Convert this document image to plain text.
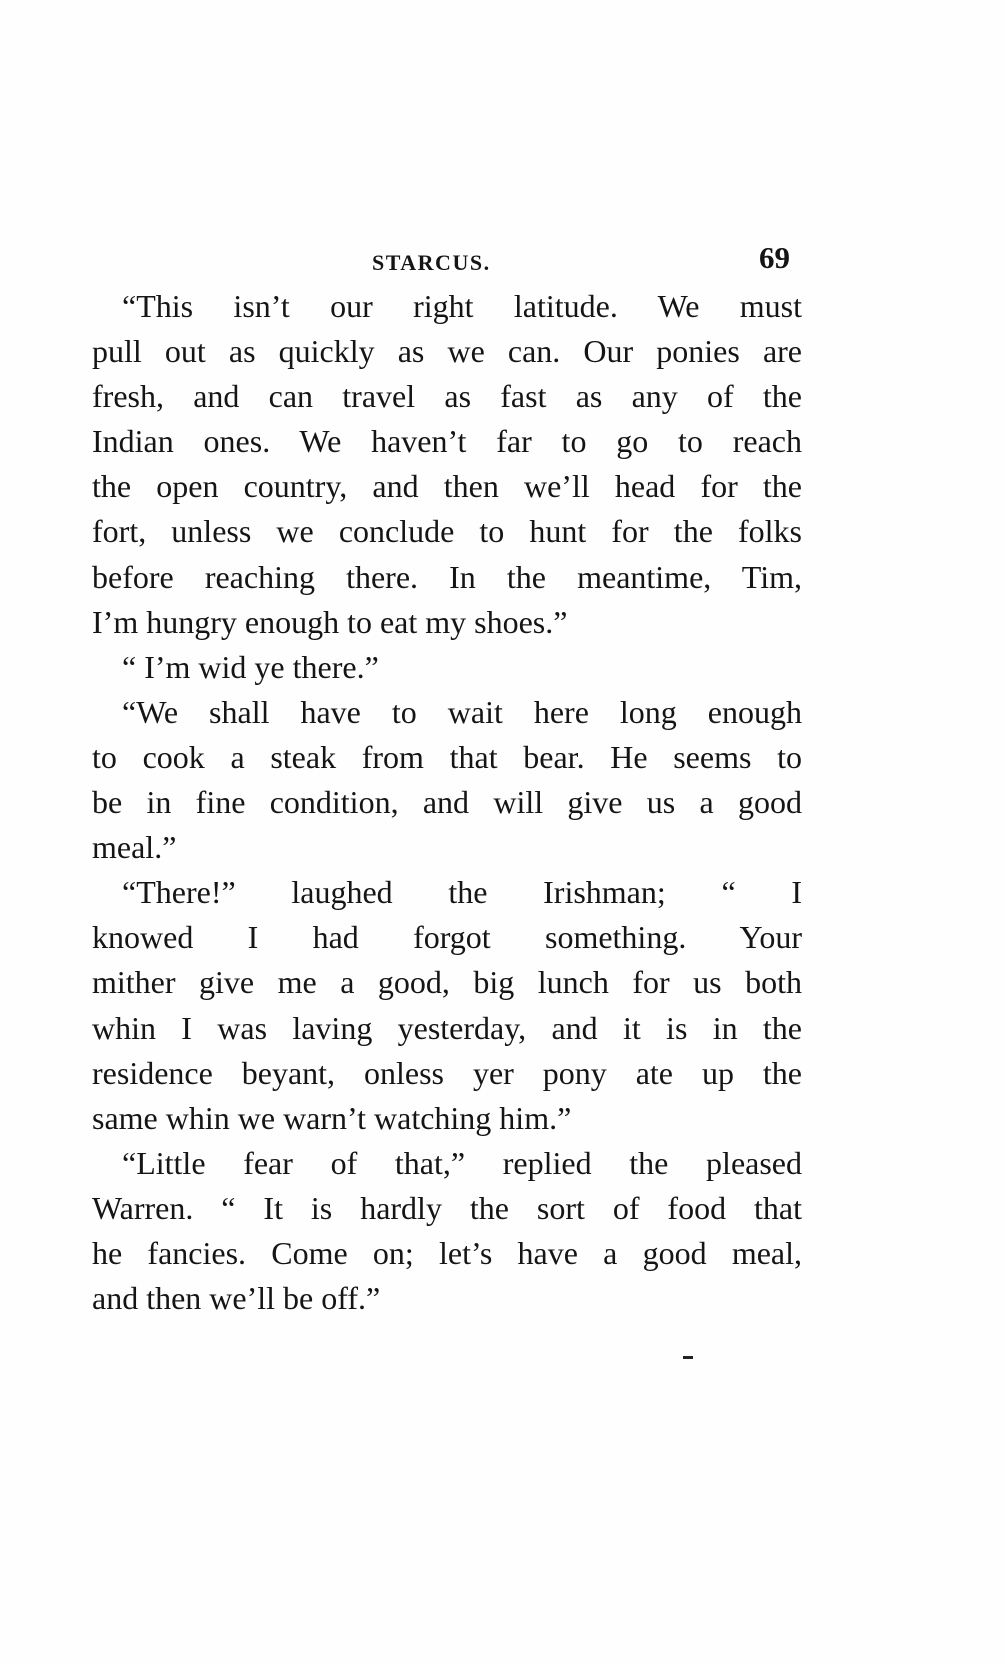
STARCUS.	69
“This isn’t our right latitude. We must
pull out as quickly as we can. Our ponies are
fresh, and can travel as fast as any of the
Indian ones. We haven’t far to go to reach
the open country, and then we’ll head for the
fort, unless we conclude to hunt for the folks
before reaching there. In the meantime, Tim,
I’m hungry enough to eat my shoes.”
“ I’m wid ye there.”
“We shall have to wait here long enough
to cook a steak from that bear. He seems to
be in fine condition, and will give us a good
meal.”
“There!” laughed the Irishman; “ I
knowed I had forgot something. Your
mither give me a good, big lunch for us both
whin I was laving yesterday, and it is in the
residence beyant, onless yer pony ate up the
same whin we warn’t watching him.”
“Little fear of that,” replied the pleased
Warren. “ It is hardly the sort of food that
he fancies. Come on; let’s have a good meal,
and then we’ll be off.”
